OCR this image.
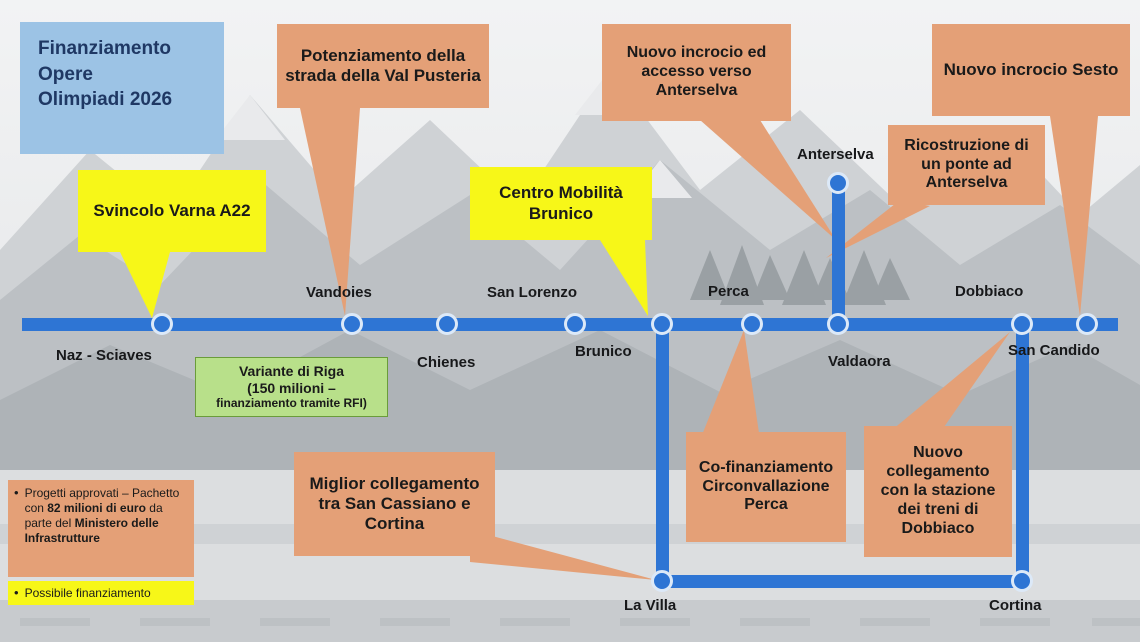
Naz - Sciaves
Vandoies
Chienes
San Lorenzo
Brunico
Perca
Valdaora
Dobbiaco
San Candido
Anterselva
La Villa	Cortina
Finanziamento
Opere
Olimpiadi 2026
Potenziamento della strada della Val Pusteria
Nuovo incrocio ed accesso verso Anterselva
Nuovo incrocio Sesto
Ricostruzione di un ponte ad Anterselva
Svincolo Varna A22
Centro Mobilità Brunico
Variante di Riga
(150 milioni –
finanziamento tramite RFI)
Miglior collegamento tra San Cassiano e Cortina
Co-finanziamento Circonvallazione Perca
Nuovo collegamento con la stazione dei treni di Dobbiaco
• Progetti approvati – Pachetto con 82 milioni di euro da parte del Ministero delle Infrastrutture
• Possibile finanziamento
